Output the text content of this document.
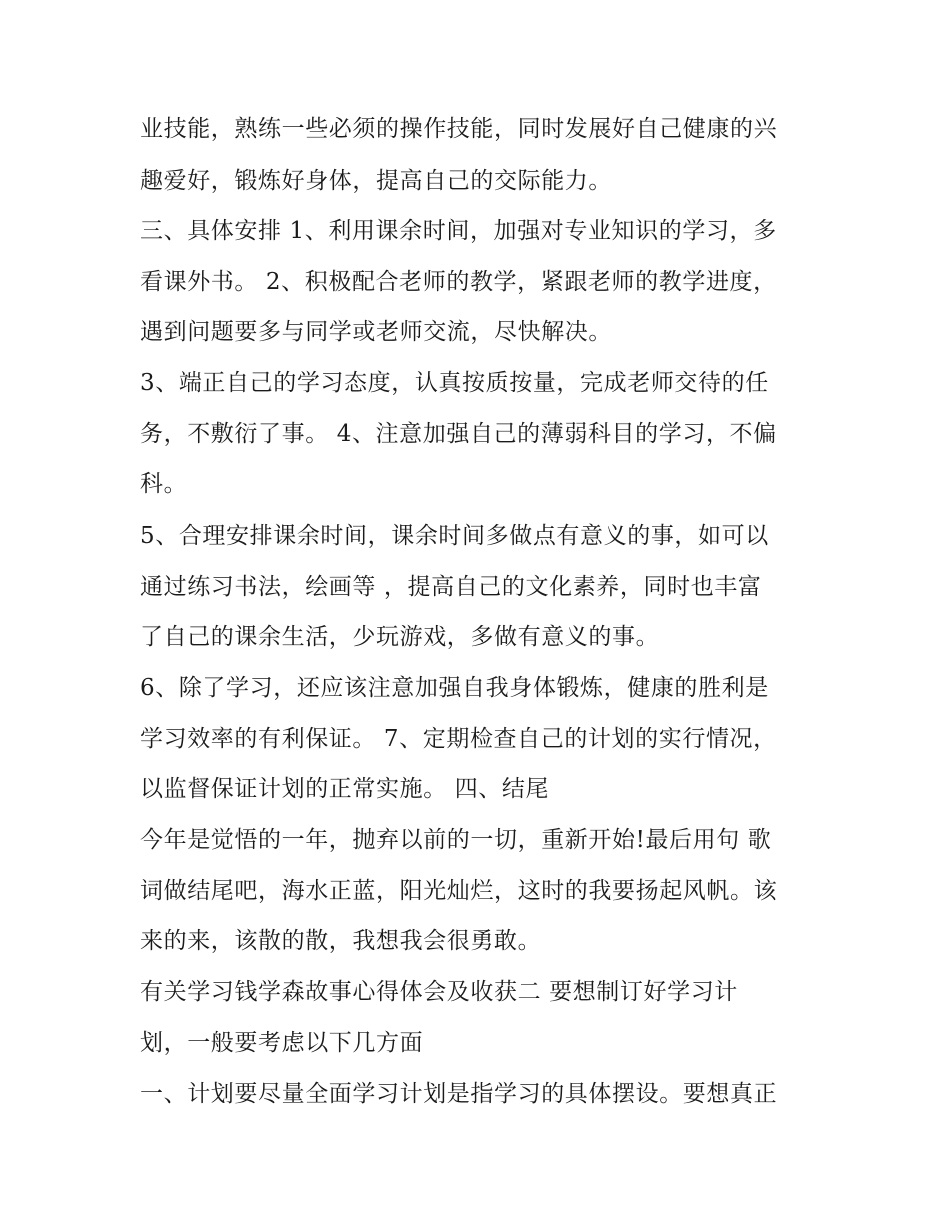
业技能，熟练一些必须的操作技能，同时发展好自己健康的兴
趣爱好，锻炼好身体，提高自己的交际能力。
三、具体安排 1、利用课余时间，加强对专业知识的学习，多
看课外书。 2、积极配合老师的教学，紧跟老师的教学进度，
遇到问题要多与同学或老师交流，尽快解决。
3、端正自己的学习态度，认真按质按量，完成老师交待的任
务，不敷衍了事。 4、注意加强自己的薄弱科目的学习，不偏
科。
5、合理安排课余时间，课余时间多做点有意义的事，如可以
通过练习书法，绘画等 ，提高自己的文化素养，同时也丰富
了自己的课余生活，少玩游戏，多做有意义的事。
6、除了学习，还应该注意加强自我身体锻炼，健康的胜利是
学习效率的有利保证。 7、定期检查自己的计划的实行情况，
以监督保证计划的正常实施。 四、结尾
今年是觉悟的一年，抛弃以前的一切，重新开始!最后用句 歌
词做结尾吧，海水正蓝，阳光灿烂，这时的我要扬起风帆。该
来的来，该散的散，我想我会很勇敢。
有关学习钱学森故事心得体会及收获二 要想制订好学习计
划，一般要考虑以下几方面
一、计划要尽量全面学习计划是指学习的具体摆设。要想真正
